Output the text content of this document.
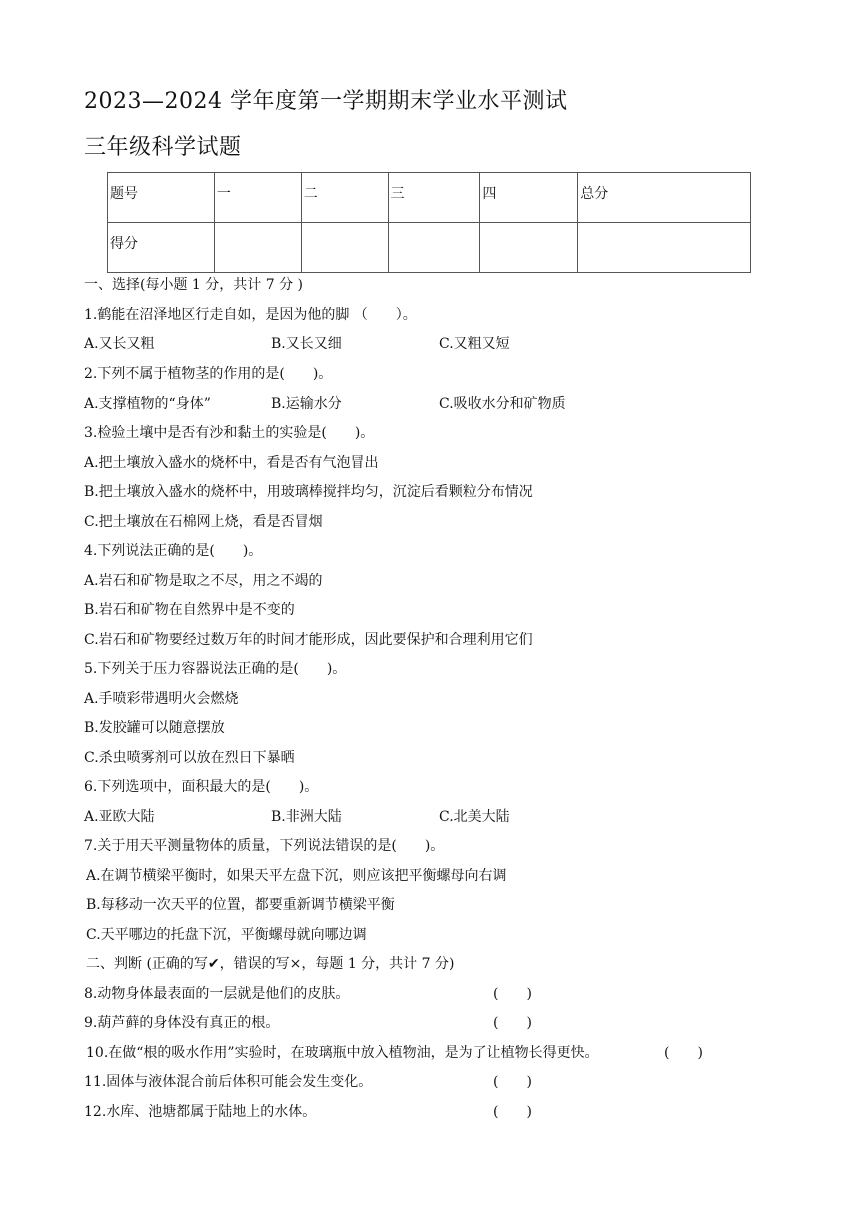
2023—2024 学年度第一学期期末学业水平测试
三年级科学试题
题号	一	二	三	四	总分
得分					
一、选择(每小题 1 分，共计 7 分 )
1.鹤能在沼泽地区行走自如，是因为他的脚 （　　）。
A.又长又粗	B.又长又细	C.又粗又短
2.下列不属于植物茎的作用的是(　　)。
A.支撑植物的“身体”	B.运输水分	C.吸收水分和矿物质
3.检验土壤中是否有沙和黏土的实验是(　　)。
A.把土壤放入盛水的烧杯中，看是否有气泡冒出
B.把土壤放入盛水的烧杯中，用玻璃棒搅拌均匀，沉淀后看颗粒分布情况
C.把土壤放在石棉网上烧，看是否冒烟
4.下列说法正确的是(　　)。
A.岩石和矿物是取之不尽，用之不竭的
B.岩石和矿物在自然界中是不变的
C.岩石和矿物要经过数万年的时间才能形成，因此要保护和合理利用它们
5.下列关于压力容器说法正确的是(　　)。
A.手喷彩带遇明火会燃烧
B.发胶罐可以随意摆放
C.杀虫喷雾剂可以放在烈日下暴晒
6.下列选项中，面积最大的是(　　)。
A.亚欧大陆	B.非洲大陆	C.北美大陆
7.关于用天平测量物体的质量，下列说法错误的是(　　)。
A.在调节横梁平衡时，如果天平左盘下沉，则应该把平衡螺母向右调
B.每移动一次天平的位置，都要重新调节横梁平衡
C.天平哪边的托盘下沉，平衡螺母就向哪边调
二、判断 (正确的写✔，错误的写×，每题 1 分，共计 7 分)
8.动物身体最表面的一层就是他们的皮肤。	(　　)
9.葫芦藓的身体没有真正的根。	(　　)
10.在做“根的吸水作用”实验时，在玻璃瓶中放入植物油，是为了让植物长得更快。	(　　)
11.固体与液体混合前后体积可能会发生变化。	(　　)
12.水库、池塘都属于陆地上的水体。	(　　)
